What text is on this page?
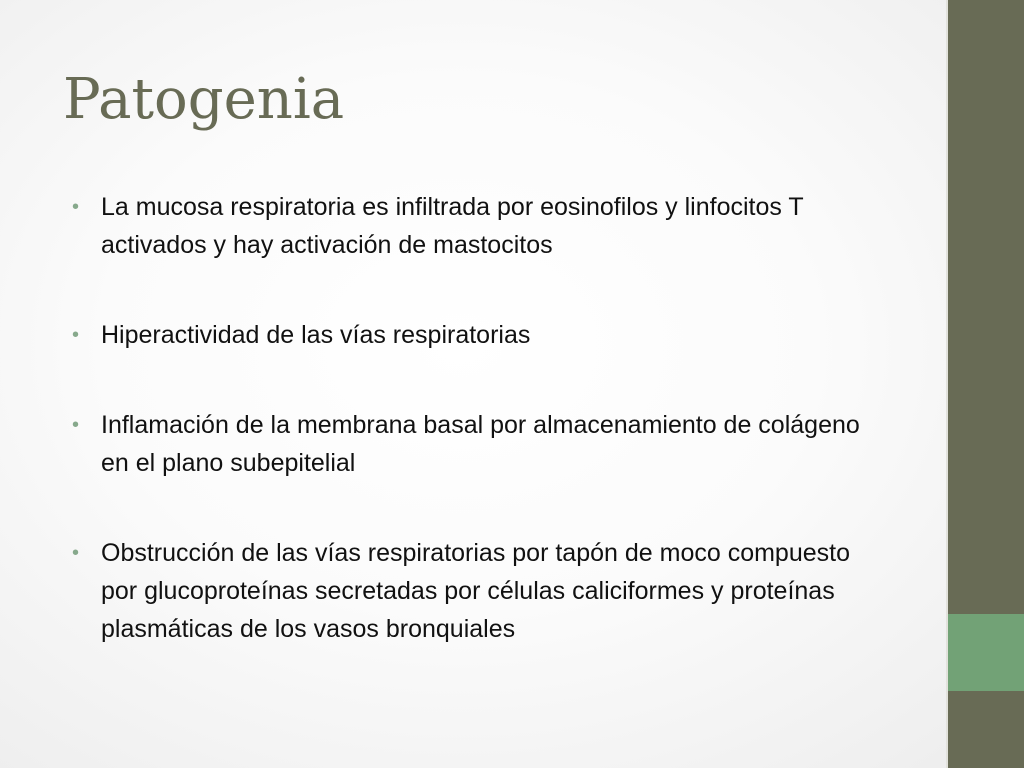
Patogenia
• La mucosa respiratoria es infiltrada por eosinofilos y linfocitos T activados y hay activación de mastocitos
• Hiperactividad de las vías respiratorias
• Inflamación de la membrana basal por almacenamiento de colágeno en el plano subepitelial
• Obstrucción de las vías respiratorias por tapón de moco compuesto por glucoproteínas secretadas por células caliciformes y proteínas plasmáticas de los vasos bronquiales
